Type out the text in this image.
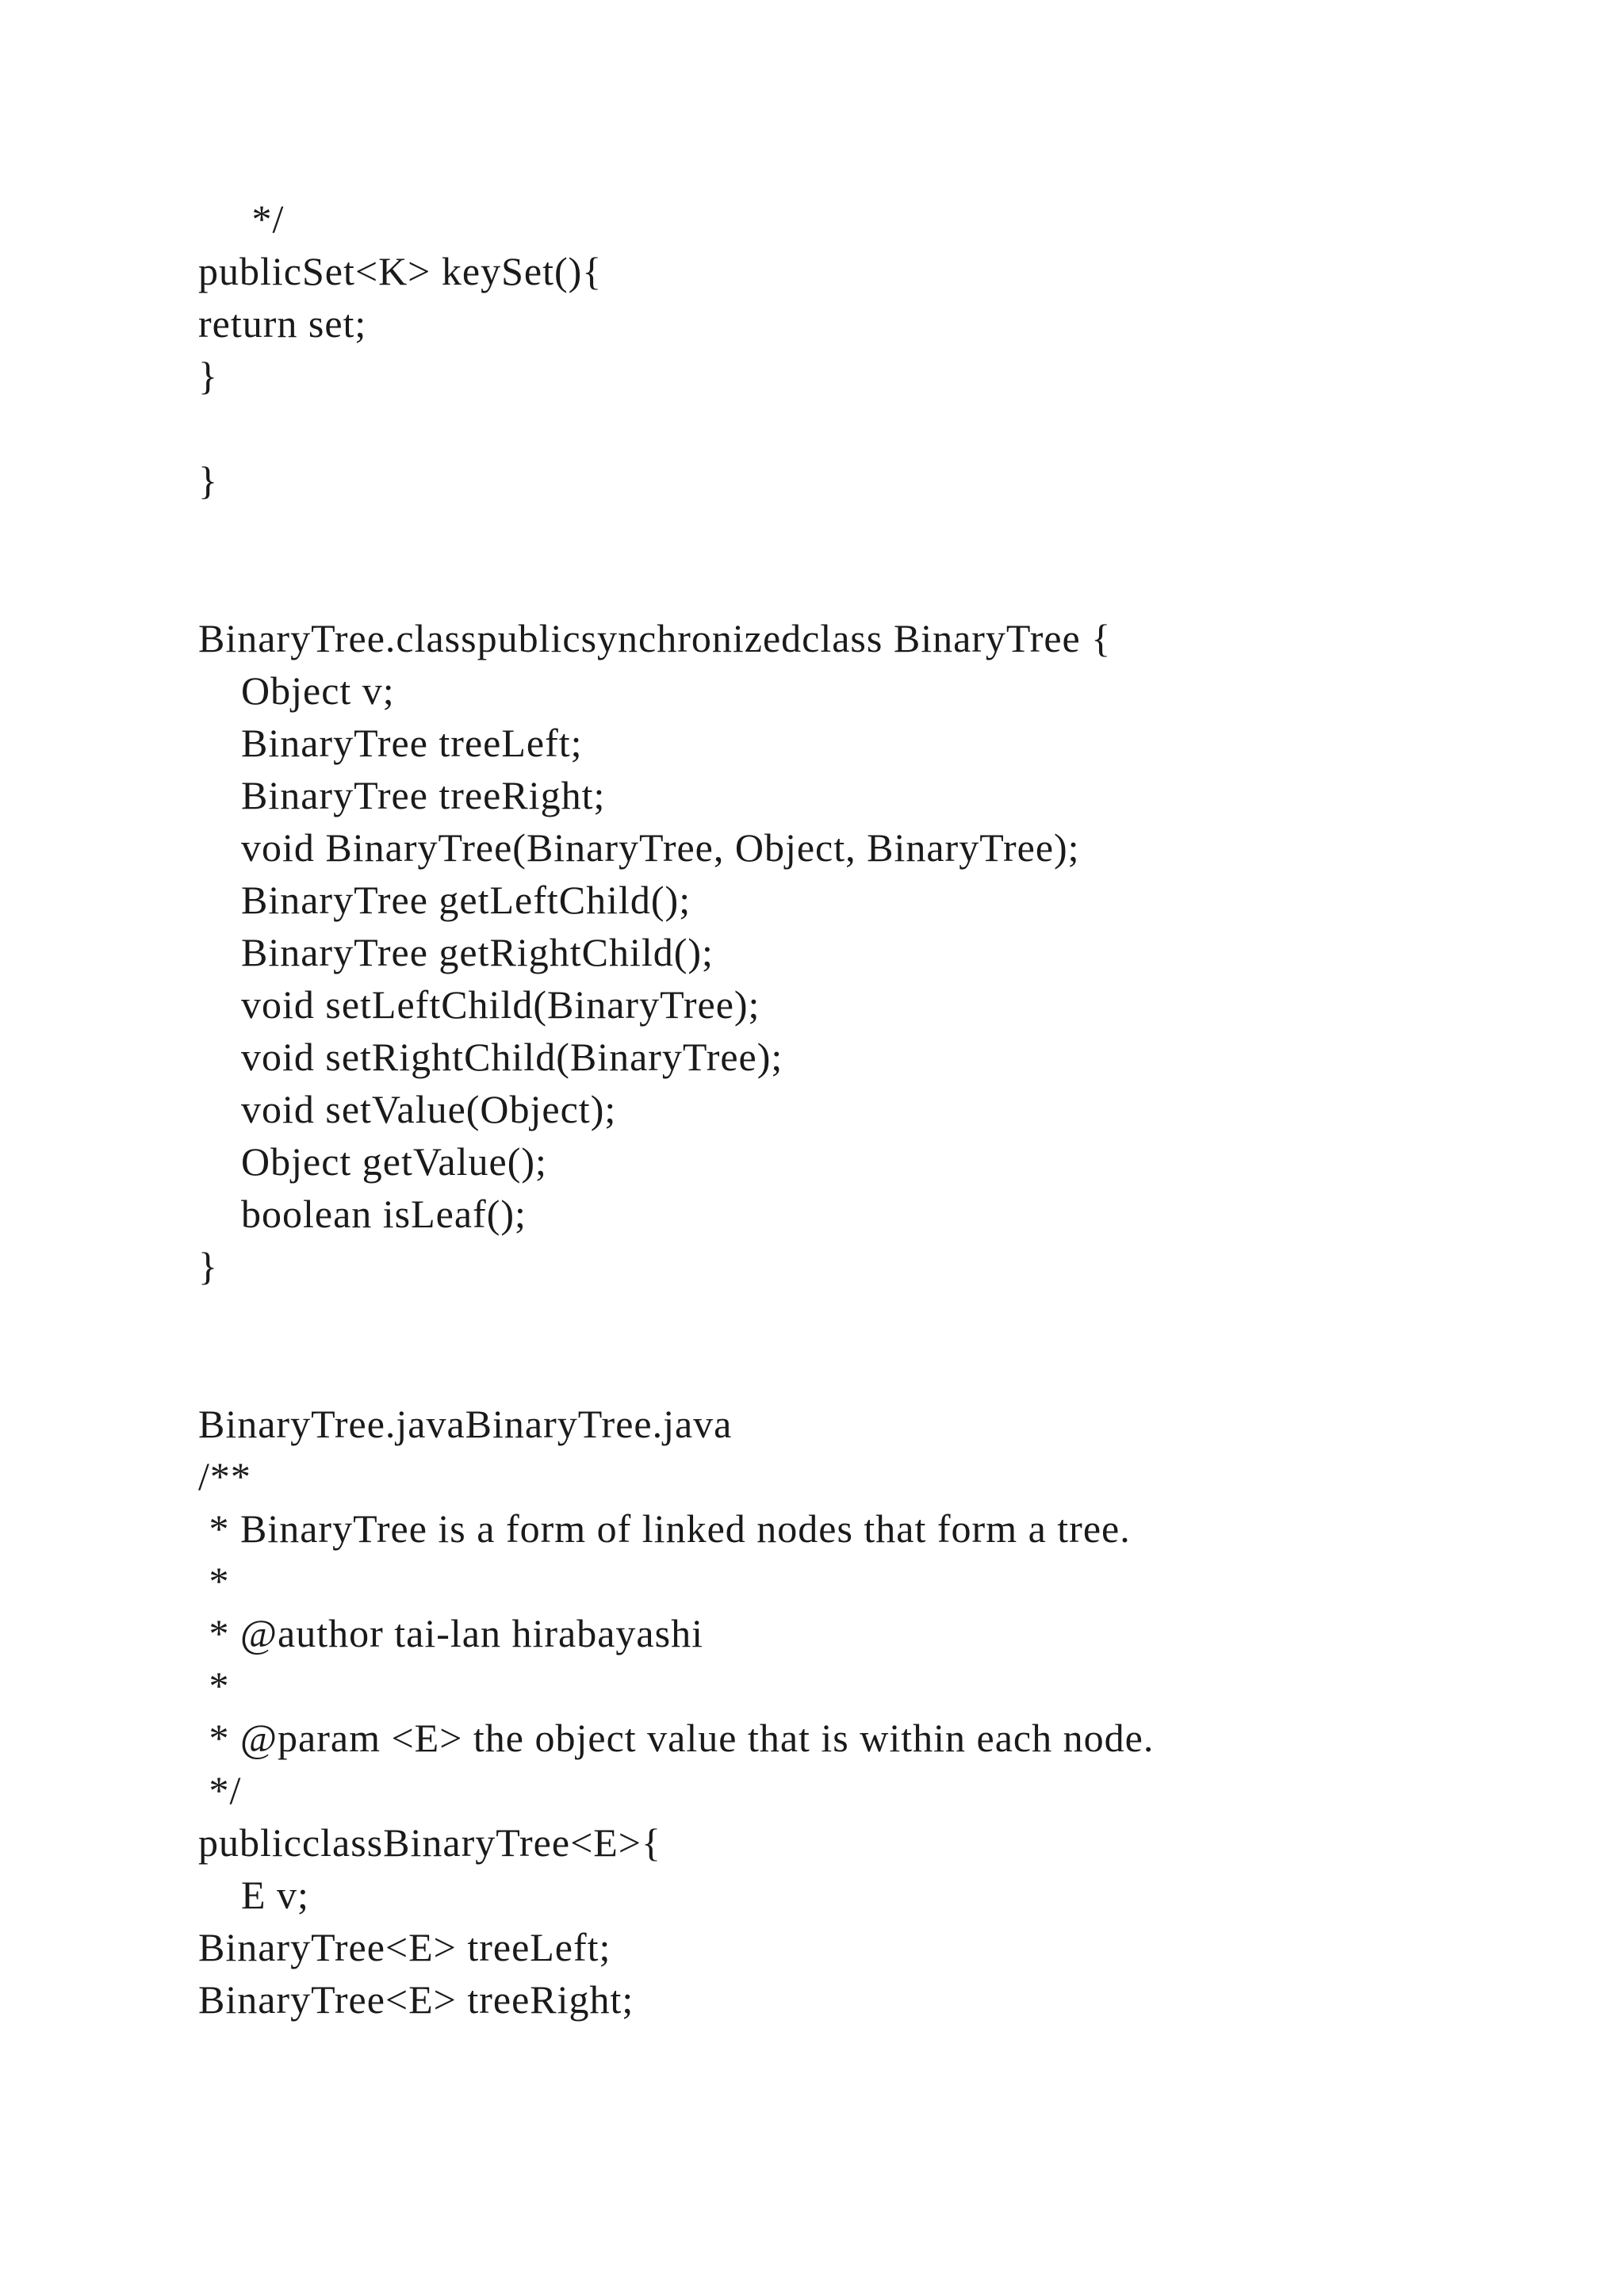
*/
publicSet<K> keySet(){
return set;
}
}
BinaryTree.classpublicsynchronizedclass BinaryTree {
Object v;
BinaryTree treeLeft;
BinaryTree treeRight;
void BinaryTree(BinaryTree, Object, BinaryTree);
BinaryTree getLeftChild();
BinaryTree getRightChild();
void setLeftChild(BinaryTree);
void setRightChild(BinaryTree);
void setValue(Object);
Object getValue();
boolean isLeaf();
}
BinaryTree.javaBinaryTree.java
/**
* BinaryTree is a form of linked nodes that form a tree.
*
* @author tai-lan hirabayashi
*
* @param <E> the object value that is within each node.
*/
publicclassBinaryTree<E>{
E v;
BinaryTree<E> treeLeft;
BinaryTree<E> treeRight;
